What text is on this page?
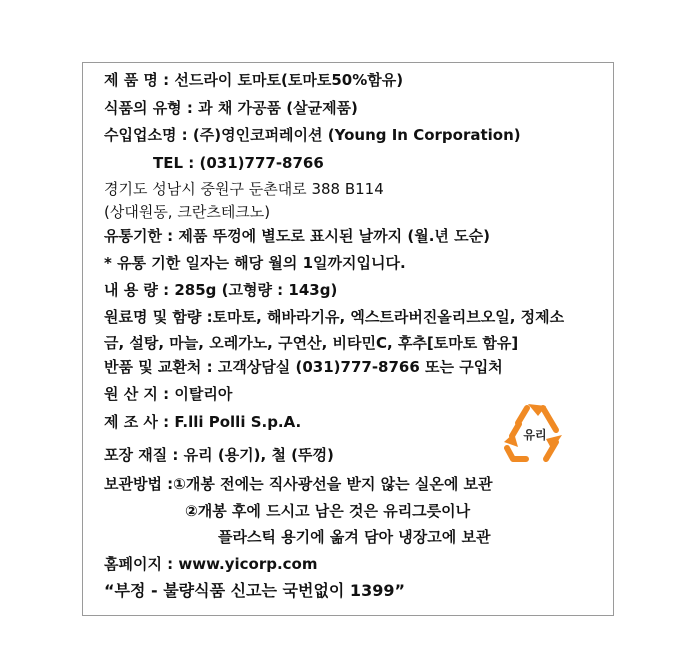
제 품 명 : 선드라이 토마토(토마토50%함유)
식품의 유형 : 과 채 가공품 (살균제품)
수입업소명 : (주)영인코퍼레이션 (Young In Corporation)
TEL : (031)777-8766
경기도 성남시 중원구 둔촌대로 388 B114
(상대원동, 크란츠테크노)
유통기한 : 제품 뚜껑에 별도로 표시된 날까지 (월.년 도순)
* 유통 기한 일자는 해당 월의 1일까지입니다.
내 용 량 : 285g (고형량 : 143g)
원료명 및 함량 :토마토, 해바라기유, 엑스트라버진올리브오일, 정제소
금, 설탕, 마늘, 오레가노, 구연산, 비타민C, 후추[토마토 함유]
반품 및 교환처 : 고객상담실 (031)777-8766 또는 구입처
원 산 지 : 이탈리아
제 조 사 : F.lli Polli S.p.A.
포장 재질 : 유리 (용기), 철 (뚜껑)
보관방법 :①개봉 전에는 직사광선을 받지 않는 실온에 보관
②개봉 후에 드시고 남은 것은 유리그릇이나
플라스틱 용기에 옮겨 담아 냉장고에 보관
홈페이지 : www.yicorp.com
“부정 - 불량식품 신고는 국번없이 1399”
유리
